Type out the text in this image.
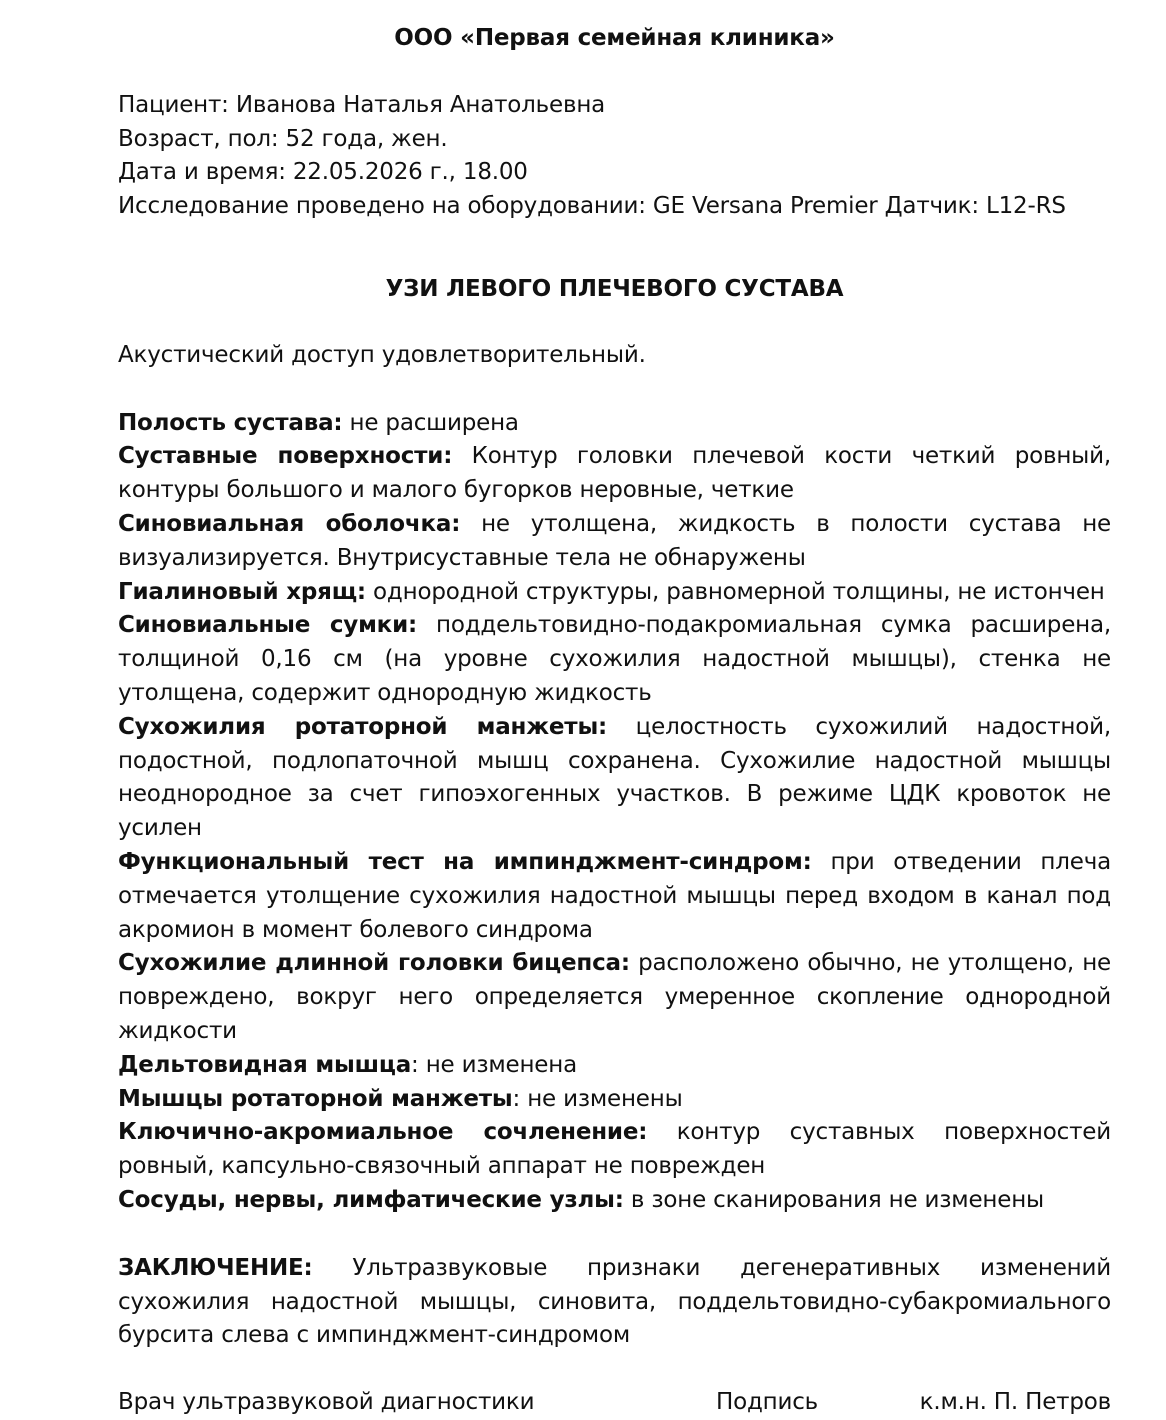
ООО «Первая семейная клиника»
Пациент: Иванова Наталья Анатольевна
Возраст, пол: 52 года, жен.
Дата и время: 22.05.2026 г., 18.00
Исследование проведено на оборудовании: GE Versana Premier Датчик: L12-RS
УЗИ ЛЕВОГО ПЛЕЧЕВОГО СУСТАВА
Акустический доступ удовлетворительный.
Полость сустава: не расширена
Суставные поверхности: Контур головки плечевой кости четкий ровный, контуры большого и малого бугорков неровные, четкие
Синовиальная оболочка: не утолщена, жидкость в полости сустава не визуализируется. Внутрисуставные тела не обнаружены
Гиалиновый хрящ: однородной структуры, равномерной толщины, не истончен
Синовиальные сумки: поддельтовидно-подакромиальная сумка расширена, толщиной 0,16 см (на уровне сухожилия надостной мышцы), стенка не утолщена, содержит однородную жидкость
Сухожилия ротаторной манжеты: целостность сухожилий надостной, подостной, подлопаточной мышц сохранена. Сухожилие надостной мышцы неоднородное за счет гипоэхогенных участков. В режиме ЦДК кровоток не усилен
Функциональный тест на импинджмент-синдром: при отведении плеча отмечается утолщение сухожилия надостной мышцы перед входом в канал под акромион в момент болевого синдрома
Сухожилие длинной головки бицепса: расположено обычно, не утолщено, не повреждено, вокруг него определяется умеренное скопление однородной жидкости
Дельтовидная мышца: не изменена
Мышцы ротаторной манжеты: не изменены
Ключично-акромиальное сочленение: контур суставных поверхностей ровный, капсульно-связочный аппарат не поврежден
Сосуды, нервы, лимфатические узлы: в зоне сканирования не изменены
ЗАКЛЮЧЕНИЕ: Ультразвуковые признаки дегенеративных изменений сухожилия надостной мышцы, синовита, поддельтовидно-субакромиального бурсита слева с импинджмент-синдромом
Врач ультразвуковой диагностики	Подпись	к.м.н. П. Петров
